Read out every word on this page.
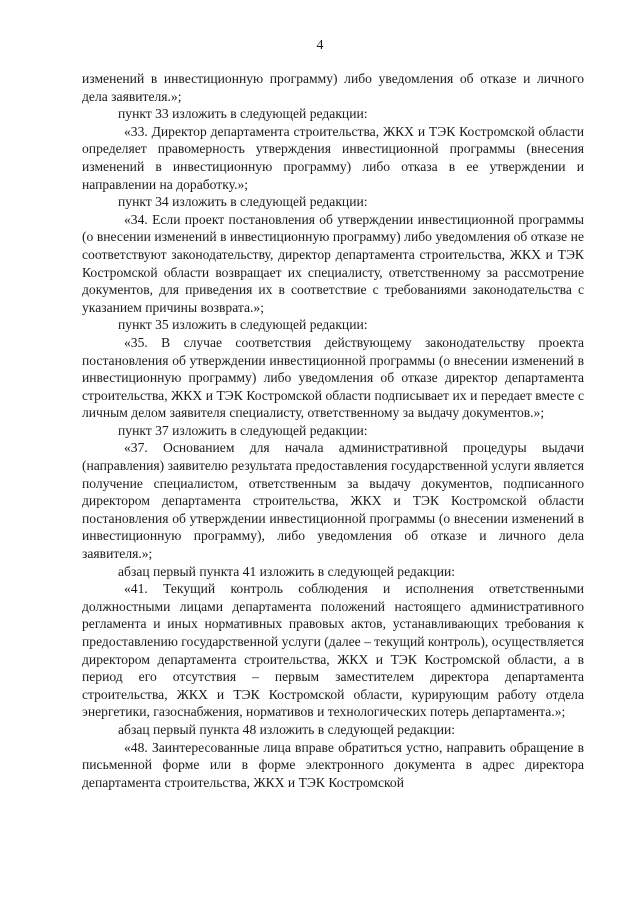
4

изменений в инвестиционную программу) либо уведомления об отказе и личного дела заявителя.»;

пункт 33 изложить в следующей редакции:

«33. Директор департамента строительства, ЖКХ и ТЭК Костромской области определяет правомерность утверждения инвестиционной программы (внесения изменений в инвестиционную программу) либо отказа в ее утверждении и направлении на доработку.»;

пункт 34 изложить в следующей редакции:

«34. Если проект постановления об утверждении инвестиционной программы (о внесении изменений в инвестиционную программу) либо уведомления об отказе не соответствуют законодательству, директор департамента строительства, ЖКХ и ТЭК Костромской области возвращает их специалисту, ответственному за рассмотрение документов, для приведения их в соответствие с требованиями законодательства с указанием причины возврата.»;

пункт 35 изложить в следующей редакции:

«35. В случае соответствия действующему законодательству проекта постановления об утверждении инвестиционной программы (о внесении изменений в инвестиционную программу) либо уведомления об отказе директор департамента строительства, ЖКХ и ТЭК Костромской области подписывает их и передает вместе с личным делом заявителя специалисту, ответственному за выдачу документов.»;

пункт 37 изложить в следующей редакции:

«37. Основанием для начала административной процедуры выдачи (направления) заявителю результата предоставления государственной услуги является получение специалистом, ответственным за выдачу документов, подписанного директором департамента строительства, ЖКХ и ТЭК Костромской области постановления об утверждении инвестиционной программы (о внесении изменений в инвестиционную программу), либо уведомления об отказе и личного дела заявителя.»;

абзац первый пункта 41 изложить в следующей редакции:

«41. Текущий контроль соблюдения и исполнения ответственными должностными лицами департамента положений настоящего административного регламента и иных нормативных правовых актов, устанавливающих требования к предоставлению государственной услуги (далее – текущий контроль), осуществляется директором департамента строительства, ЖКХ и ТЭК Костромской области, а в период его отсутствия – первым заместителем директора департамента строительства, ЖКХ и ТЭК Костромской области, курирующим работу отдела энергетики, газоснабжения, нормативов и технологических потерь департамента.»;

абзац первый пункта 48 изложить в следующей редакции:

«48. Заинтересованные лица вправе обратиться устно, направить обращение в письменной форме или в форме электронного документа в адрес директора департамента строительства, ЖКХ и ТЭК Костромской
